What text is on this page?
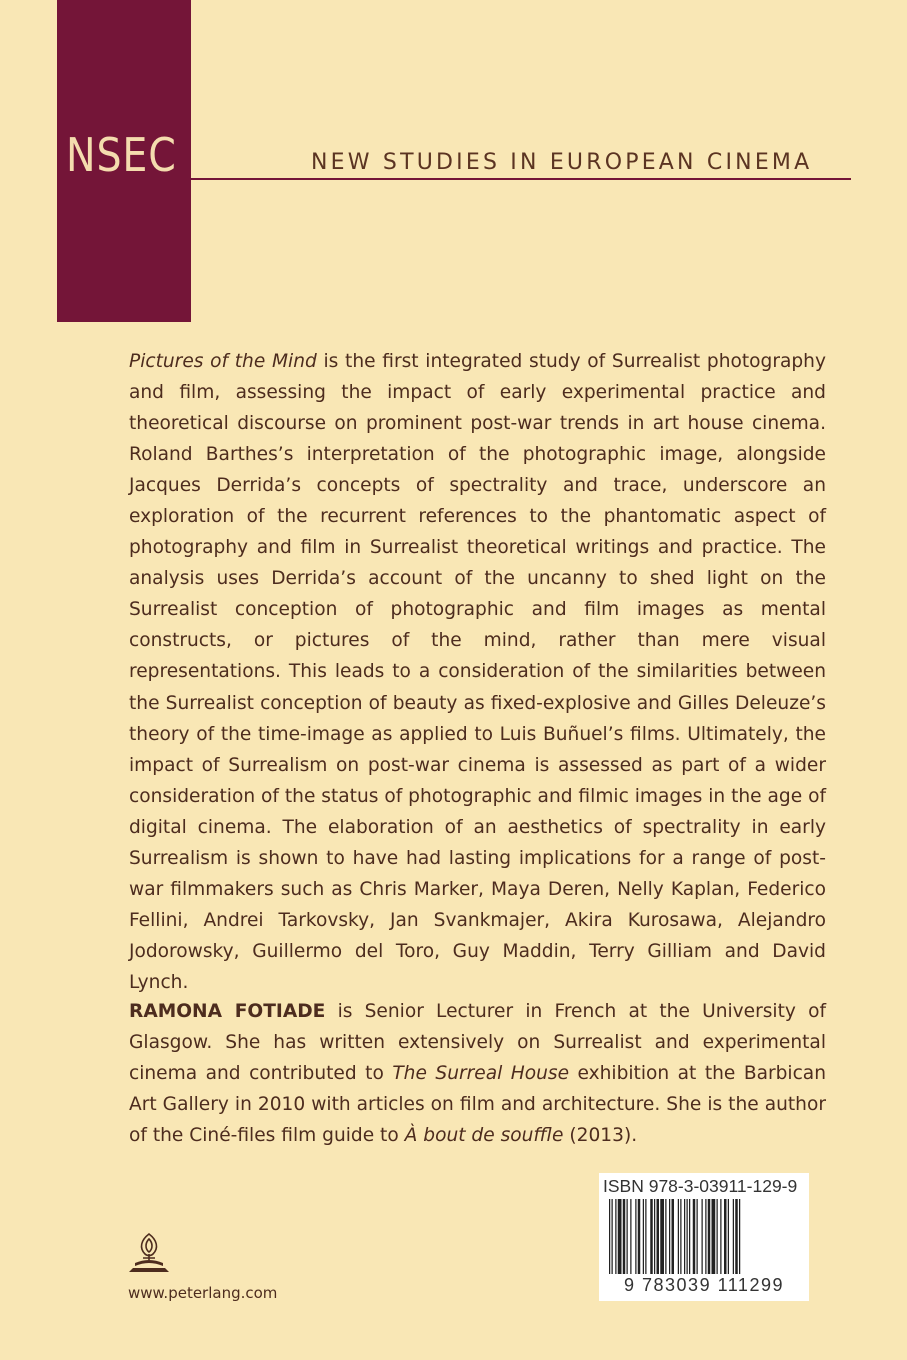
NSEC	NEW STUDIES IN EUROPEAN CINEMA

Pictures of the Mind is the first integrated study of Surrealist photography and film, assessing the impact of early experimental practice and theoretical discourse on prominent post-war trends in art house cinema. Roland Barthes’s interpretation of the photographic image, alongside Jacques Derrida’s concepts of spectrality and trace, underscore an exploration of the recurrent references to the phantomatic aspect of photography and film in Surrealist theoretical writings and practice. The analysis uses Derrida’s account of the uncanny to shed light on the Surrealist conception of photographic and film images as mental constructs, or pictures of the mind, rather than mere visual representations. This leads to a consideration of the similarities between the Surrealist conception of beauty as fixed-explosive and Gilles Deleuze’s theory of the time-image as applied to Luis Buñuel’s films. Ultimately, the impact of Surrealism on post-war cinema is assessed as part of a wider consideration of the status of photographic and filmic images in the age of digital cinema. The elaboration of an aesthetics of spectrality in early Surrealism is shown to have had lasting implications for a range of post-war filmmakers such as Chris Marker, Maya Deren, Nelly Kaplan, Federico Fellini, Andrei Tarkovsky, Jan Svankmajer, Akira Kurosawa, Alejandro Jodorowsky, Guillermo del Toro, Guy Maddin, Terry Gilliam and David Lynch.

RAMONA FOTIADE is Senior Lecturer in French at the University of Glasgow. She has written extensively on Surrealist and experimental cinema and contributed to The Surreal House exhibition at the Barbican Art Gallery in 2010 with articles on film and architecture. She is the author of the Ciné-files film guide to À bout de souffle (2013).

ISBN 978-3-03911-129-9
9 783039 111299
www.peterlang.com
